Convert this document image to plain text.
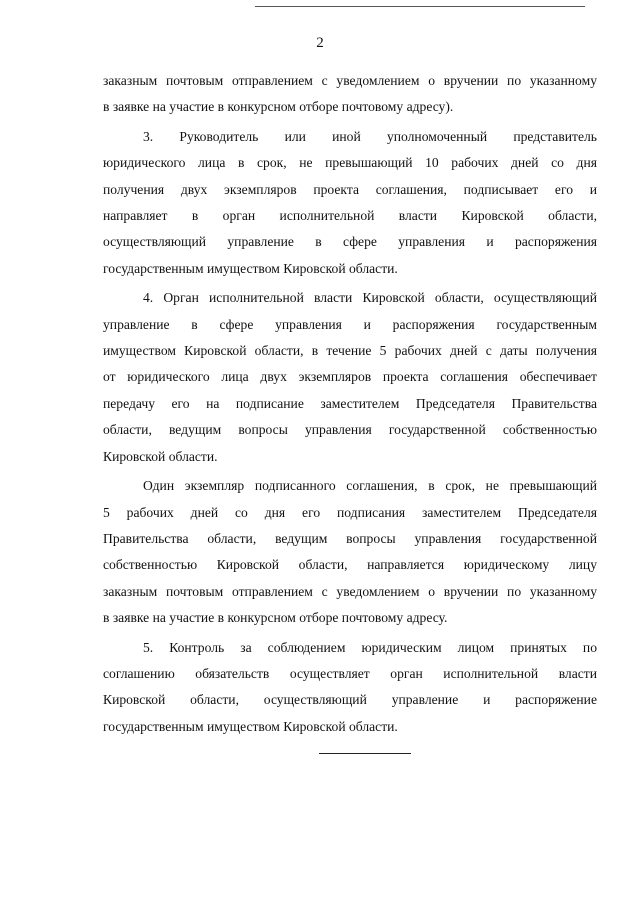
2

заказным почтовым отправлением с уведомлением о вручении по указанному
в заявке на участие в конкурсном отборе почтовому адресу).

3. Руководитель или иной уполномоченный представитель
юридического лица в срок, не превышающий 10 рабочих дней со дня
получения двух экземпляров проекта соглашения, подписывает его и
направляет в орган исполнительной власти Кировской области,
осуществляющий управление в сфере управления и распоряжения
государственным имуществом Кировской области.

4. Орган исполнительной власти Кировской области, осуществляющий
управление в сфере управления и распоряжения государственным
имуществом Кировской области, в течение 5 рабочих дней с даты получения
от юридического лица двух экземпляров проекта соглашения обеспечивает
передачу его на подписание заместителем Председателя Правительства
области, ведущим вопросы управления государственной собственностью
Кировской области.

Один экземпляр подписанного соглашения, в срок, не превышающий
5 рабочих дней со дня его подписания заместителем Председателя
Правительства области, ведущим вопросы управления государственной
собственностью Кировской области, направляется юридическому лицу
заказным почтовым отправлением с уведомлением о вручении по указанному
в заявке на участие в конкурсном отборе почтовому адресу.

5. Контроль за соблюдением юридическим лицом принятых по
соглашению обязательств осуществляет орган исполнительной власти
Кировской области, осуществляющий управление и распоряжение
государственным имуществом Кировской области.
